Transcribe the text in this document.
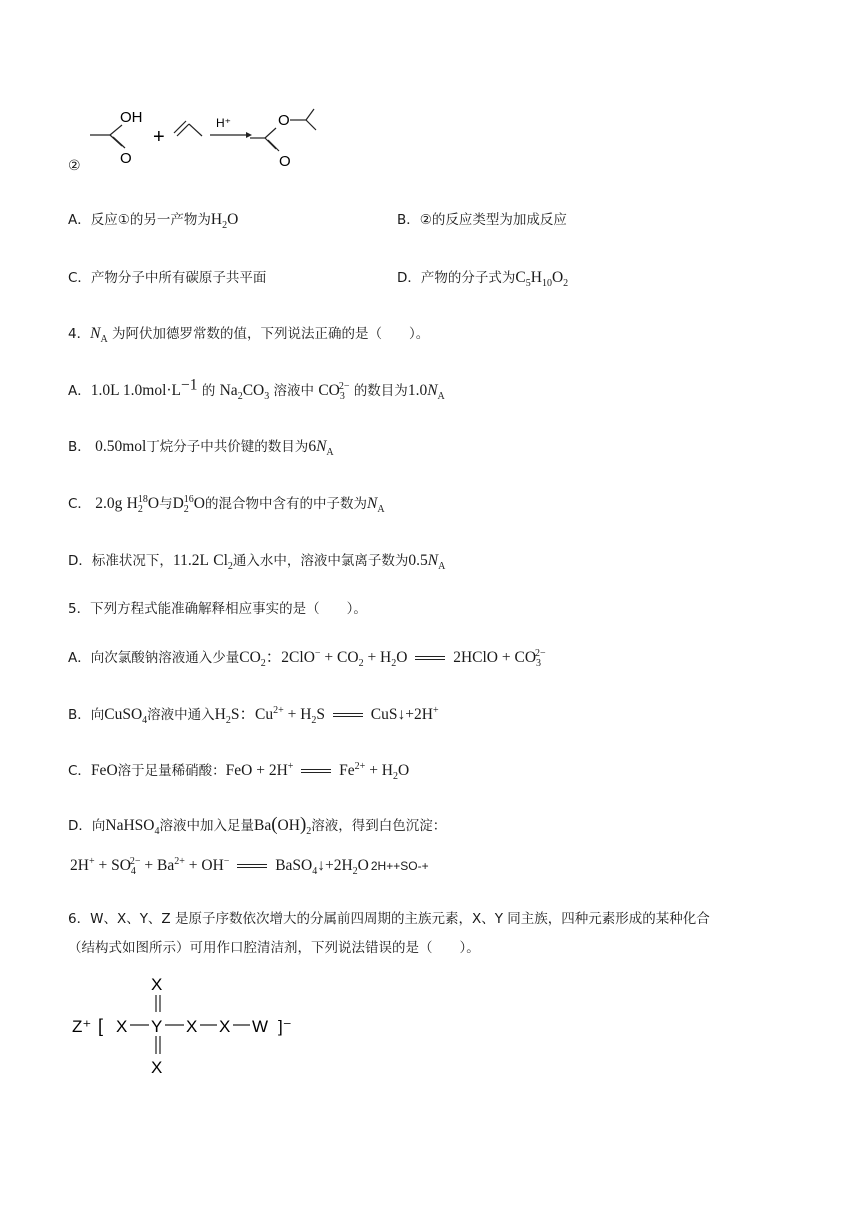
OH
O
+
H⁺	O
O
②
A．反应①的另一产物为$H_2O$	B．②的反应类型为加成反应
C．产物分子中所有碳原子共平面	D．产物的分子式为$C_5H_{10}O_2$
4．$N_A$ 为阿伏加德罗常数的值，下列说法正确的是（　　）。
A．1.0L $1.0mol\cdot L^{-1}$ 的 $Na_2CO_3$ 溶液中 $CO_3^{2-}$ 的数目为$1.0N_A$
B． 0.50mol丁烷分子中共价键的数目为$6N_A$
C． 2.0g $H_2^{18}O$与$D_2^{16}O$的混合物中含有的中子数为$N_A$
D．标准状况下，11.2L $Cl_2$通入水中，溶液中氯离子数为$0.5N_A$
5．下列方程式能准确解释相应事实的是（　　）。
A．向次氯酸钠溶液通入少量$CO_2$：$2ClO^- + CO_2 + H_2O$  2HClO + $CO_3^{2-}$
B．向CuSO$_4$溶液中通入$H_2S$：$Cu^{2+} + H_2S$  CuS↓+2H+
C．FeO溶于足量稀硝酸：FeO + 2H+	$Fe^{2+} + H_2O$
D．向NaHSO$_4$溶液中加入足量$Ba(OH)_2$溶液，得到白色沉淀：
$2H^+ + SO_4^{2-} + Ba^{2+} + OH^-$	$BaSO_4↓+2H_2O$ 2H++SO-+
6．W、X、Y、Z 是原子序数依次增大的分属前四周期的主族元素，X、Y 同主族，四种元素形成的某种化合
（结构式如图所示）可用作口腔清洁剂，下列说法错误的是（　　）。
Z⁺ [ X Y
X
X
X X W ]⁻
